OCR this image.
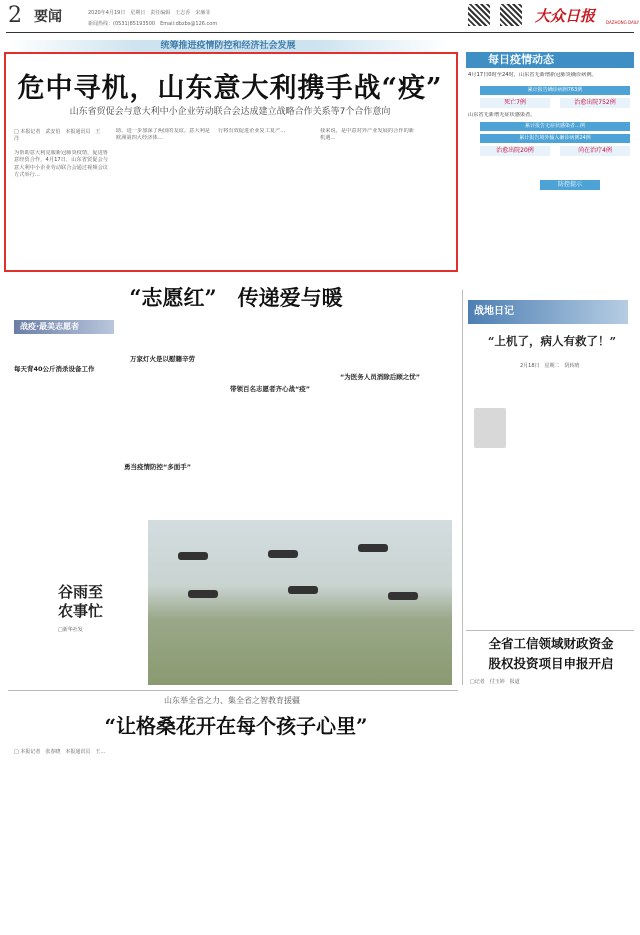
2 要闻	2020年4月19日　星期日　责任编辑　王志香　宋廉菲
新闻热线：(0531)85193500　Email:dbzbs@126.com	大众日报	DAZHONG DAILY
统筹推进疫情防控和经济社会发展
危中寻机，山东意大利携手战“疫”
山东省贸促会与意大利中小企业劳动联合会达成建立战略合作关系等7个合作意向
□ 本报记者　武安伯　本报通讯员　王 洋
为帮助意大利克服新冠肺炎疫情，促进鲁意经贸合作，4月17日，山东省贸促会与意大利中小企业劳动联合会通过视频会议方式举行…
助、进一步加深了两国的友谊。意大利是欧洲第四大经济体…
行将有效促进企业复工复产…	我来说，是中意对外产业发展的合作的新机遇…
每日疫情动态
4月17日0时至24时，山东省无新增新冠肺炎确诊病例。
累计报告确诊病例763例
死亡7例	治愈出院752例
山东省无新增无症状感染者。
累计报告无症状感染者…例
累计报告境外输入确诊病例24例
治愈出院20例	尚在治疗4例
防控提示
“志愿红”　传递爱与暖
战疫·最美志愿者
每天背40公斤消杀设备工作
万家灯火是以慰籍辛劳
勇当疫情防控“多面手”
带领百名志愿者齐心战“疫”
“为医务人员消除后顾之忧”
谷雨至
农事忙
□新华社发
战地日记
“上机了，病人有救了！”
2月18日　星期二　阴转晴
全省工信领域财政资金
股权投资项目申报开启
□记者　付玉婷　报道
山东举全省之力、集全省之智教育援疆
“让格桑花开在每个孩子心里”
□ 本报记者　张春晓　本报通讯员　王…
